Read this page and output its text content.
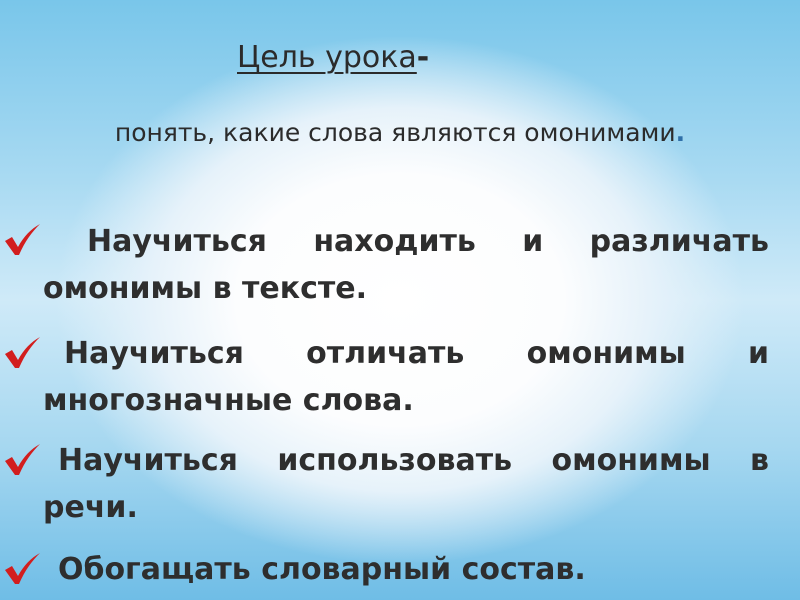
Цель урока-

понять, какие слова являются омонимами.

Научиться находить и различать омонимы в тексте.

Научиться отличать омонимы и многозначные слова.

Научиться использовать омонимы в речи.

Обогащать словарный состав.
